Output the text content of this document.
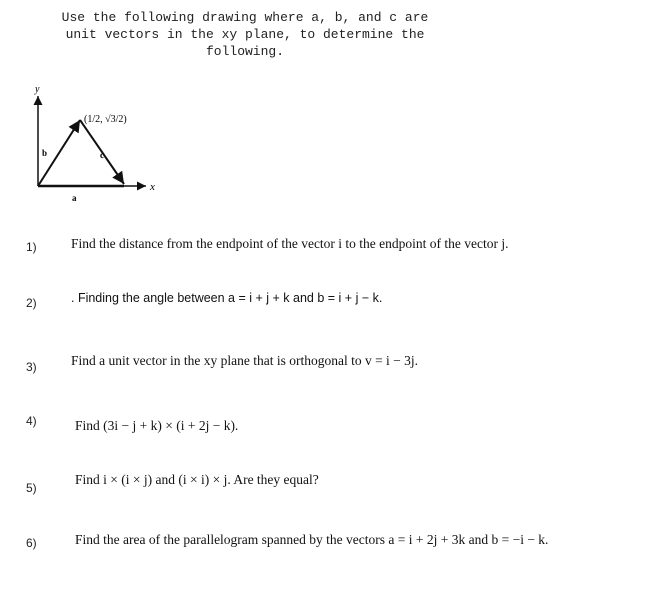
Use the following drawing where a, b, and c are
unit vectors in the xy plane, to determine the
following.
y
x
a
b	c
(1/2, √3/2)
1)	Find the distance from the endpoint of the vector i to the endpoint of the vector j.
2)	. Finding the angle between a = i + j + k and b = i + j − k.
3)	Find a unit vector in the xy plane that is orthogonal to v = i − 3j.
4)	Find (3i − j + k) × (i + 2j − k).
5)
Find i × (i × j) and (i × i) × j. Are they equal?
6)	Find the area of the parallelogram spanned by the vectors a = i + 2j + 3k and b = −i − k.
